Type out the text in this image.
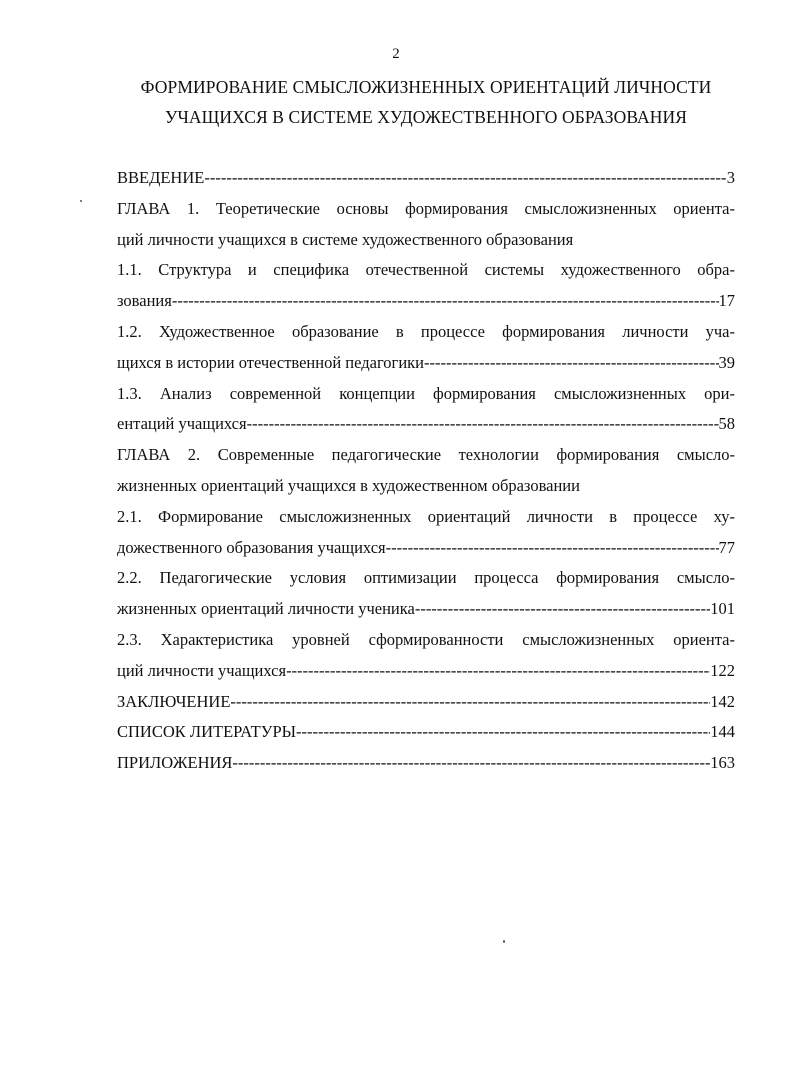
2
ФОРМИРОВАНИЕ СМЫСЛОЖИЗНЕННЫХ ОРИЕНТАЦИЙ ЛИЧНОСТИ
УЧАЩИХСЯ В СИСТЕМЕ ХУДОЖЕСТВЕННОГО ОБРАЗОВАНИЯ
ВВЕДЕНИЕ -----	3
ГЛАВА 1. Теоретические основы формирования смысложизненных ориента-
ций личности учащихся в системе художественного образования
1.1. Структура и специфика отечественной системы художественного обра-
зования -----	17
1.2. Художественное образование в процессе формирования личности уча-
щихся в истории отечественной педагогики -----	39
1.3. Анализ современной концепции формирования смысложизненных ори-
ентаций учащихся -----	58
ГЛАВА 2. Современные педагогические технологии формирования смысло-
жизненных ориентаций учащихся в художественном образовании
2.1. Формирование смысложизненных ориентаций личности в процессе ху-
дожественного образования учащихся -----	77
2.2. Педагогические условия оптимизации процесса формирования смысло-
жизненных ориентаций личности ученика -----	101
2.3. Характеристика уровней сформированности смысложизненных ориента-
ций личности учащихся -----	122
ЗАКЛЮЧЕНИЕ -----	142
СПИСОК ЛИТЕРАТУРЫ -----	144
ПРИЛОЖЕНИЯ -----	163
